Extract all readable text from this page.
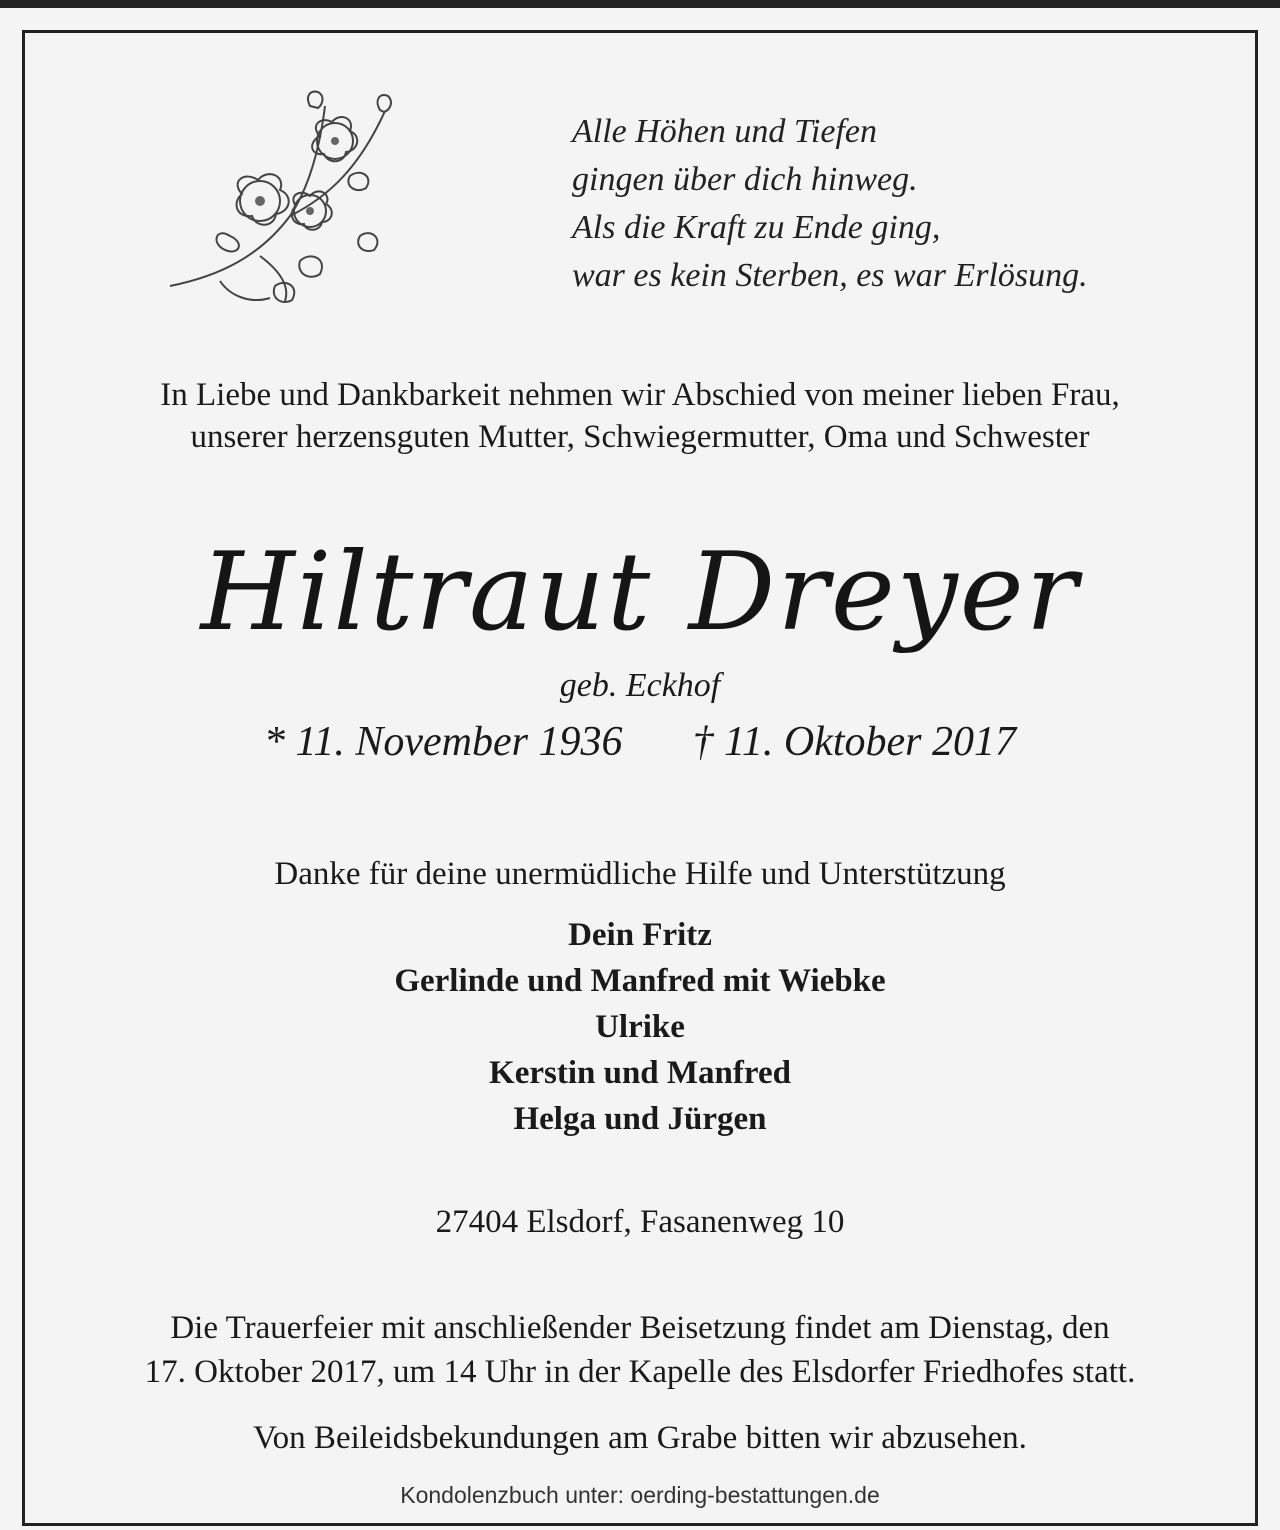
Alle Höhen und Tiefen
gingen über dich hinweg.
Als die Kraft zu Ende ging,
war es kein Sterben, es war Erlösung.
In Liebe und Dankbarkeit nehmen wir Abschied von meiner lieben Frau,
unserer herzensguten Mutter, Schwiegermutter, Oma und Schwester
Hiltraut Dreyer
geb. Eckhof
* 11. November 1936 † 11. Oktober 2017
Danke für deine unermüdliche Hilfe und Unterstützung
Dein Fritz
Gerlinde und Manfred mit Wiebke
Ulrike
Kerstin und Manfred
Helga und Jürgen
27404 Elsdorf, Fasanenweg 10
Die Trauerfeier mit anschließender Beisetzung findet am Dienstag, den
17. Oktober 2017, um 14 Uhr in der Kapelle des Elsdorfer Friedhofes statt.
Von Beileidsbekundungen am Grabe bitten wir abzusehen.
Kondolenzbuch unter: oerding-bestattungen.de
